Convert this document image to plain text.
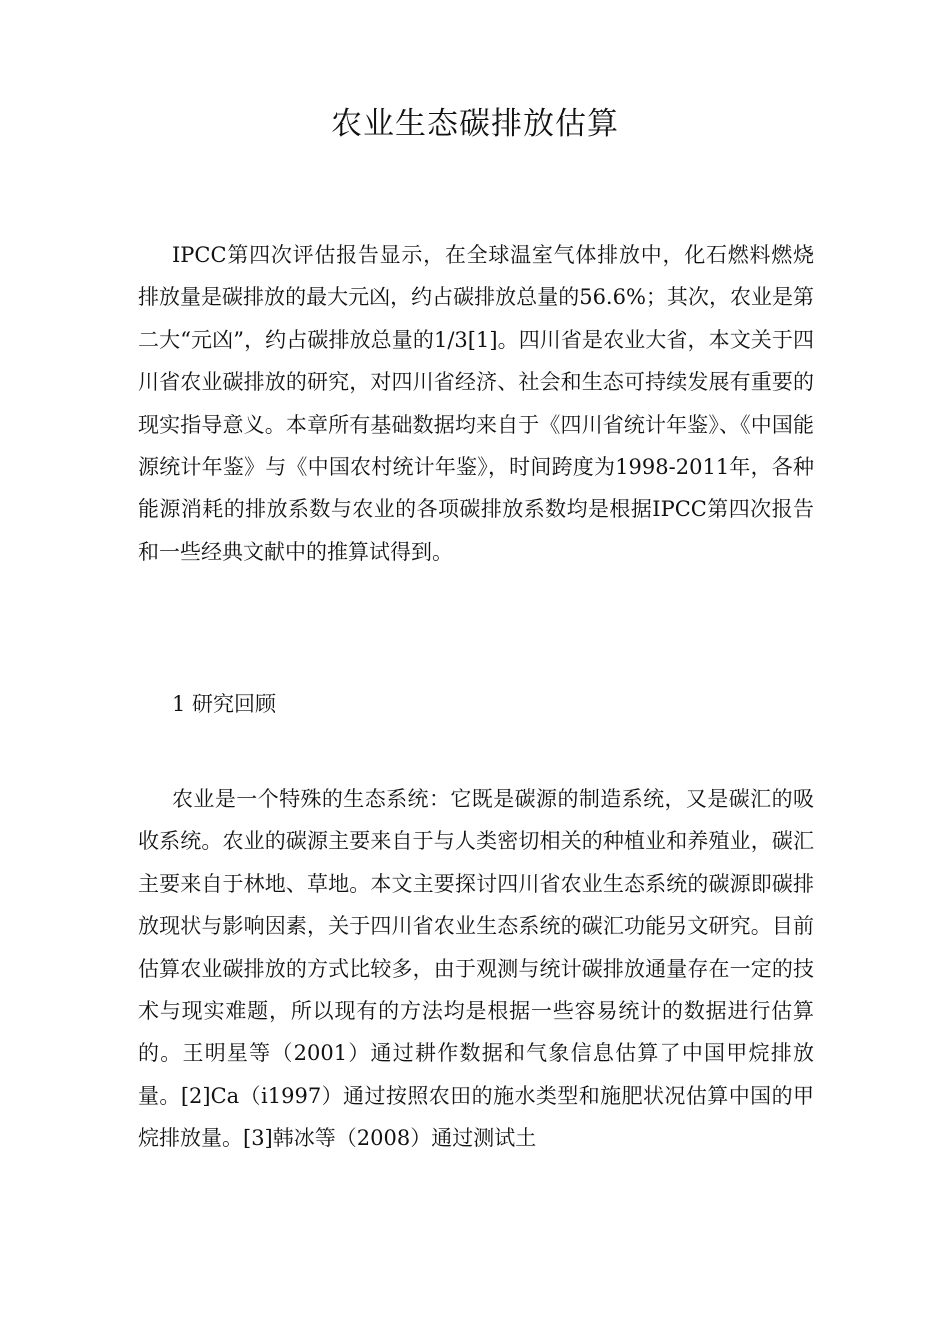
农业生态碳排放估算

IPCC第四次评估报告显示，在全球温室气体排放中，化石燃料燃烧排放量是碳排放的最大元凶，约占碳排放总量的56.6%；其次，农业是第二大“元凶”，约占碳排放总量的1/3[1]。四川省是农业大省，本文关于四川省农业碳排放的研究，对四川省经济、社会和生态可持续发展有重要的现实指导意义。本章所有基础数据均来自于《四川省统计年鉴》、《中国能源统计年鉴》与《中国农村统计年鉴》，时间跨度为1998-2011年，各种能源消耗的排放系数与农业的各项碳排放系数均是根据IPCC第四次报告和一些经典文献中的推算试得到。

1 研究回顾

农业是一个特殊的生态系统：它既是碳源的制造系统，又是碳汇的吸收系统。农业的碳源主要来自于与人类密切相关的种植业和养殖业，碳汇主要来自于林地、草地。本文主要探讨四川省农业生态系统的碳源即碳排放现状与影响因素，关于四川省农业生态系统的碳汇功能另文研究。目前估算农业碳排放的方式比较多，由于观测与统计碳排放通量存在一定的技术与现实难题，所以现有的方法均是根据一些容易统计的数据进行估算的。王明星等（2001）通过耕作数据和气象信息估算了中国甲烷排放量。[2]Ca（i1997）通过按照农田的施水类型和施肥状况估算中国的甲烷排放量。[3]韩冰等（2008）通过测试土
